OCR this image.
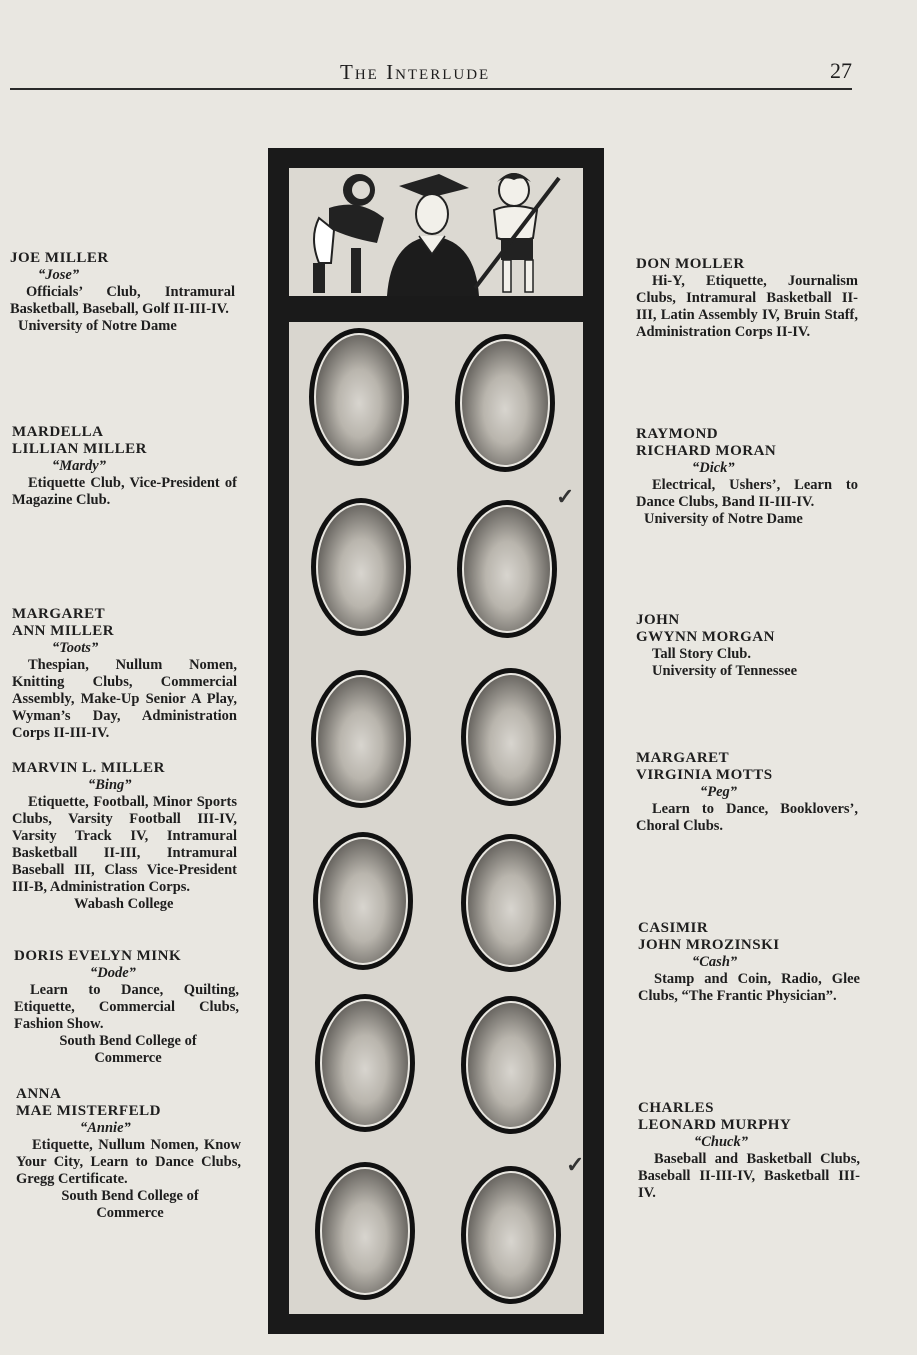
The Interlude	27
JOE MILLER
“Jose”
Officials’ Club, Intramural Basketball, Baseball, Golf II-III-IV.
University of Notre Dame
MARDELLA
LILLIAN MILLER
“Mardy”
Etiquette Club, Vice-President of Magazine Club.
MARGARET
ANN MILLER
“Toots”
Thespian, Nullum Nomen, Knitting Clubs, Commercial Assembly, Make-Up Senior A Play, Wyman’s Day, Administration Corps II-III-IV.
MARVIN L. MILLER
“Bing”
Etiquette, Football, Minor Sports Clubs, Varsity Football III-IV, Varsity Track IV, Intramural Basketball II-III, Intramural Baseball III, Class Vice-President III-B, Administration Corps.
Wabash College
DORIS EVELYN MINK
“Dode”
Learn to Dance, Quilting, Etiquette, Commercial Clubs, Fashion Show.
South Bend College of Commerce
ANNA
MAE MISTERFELD
“Annie”
Etiquette, Nullum Nomen, Know Your City, Learn to Dance Clubs, Gregg Certificate.
South Bend College of Commerce
✓
✓
DON MOLLER
Hi-Y, Etiquette, Journalism Clubs, Intramural Basketball II-III, Latin Assembly IV, Bruin Staff, Administration Corps II-IV.
RAYMOND
RICHARD MORAN
“Dick”
Electrical, Ushers’, Learn to Dance Clubs, Band II-III-IV.
University of Notre Dame
JOHN
GWYNN MORGAN
Tall Story Club.
University of Tennessee
MARGARET
VIRGINIA MOTTS
“Peg”
Learn to Dance, Booklovers’, Choral Clubs.
CASIMIR
JOHN MROZINSKI
“Cash”
Stamp and Coin, Radio, Glee Clubs, “The Frantic Physician”.
CHARLES
LEONARD MURPHY
“Chuck”
Baseball and Basketball Clubs, Baseball II-III-IV, Basketball III-IV.
